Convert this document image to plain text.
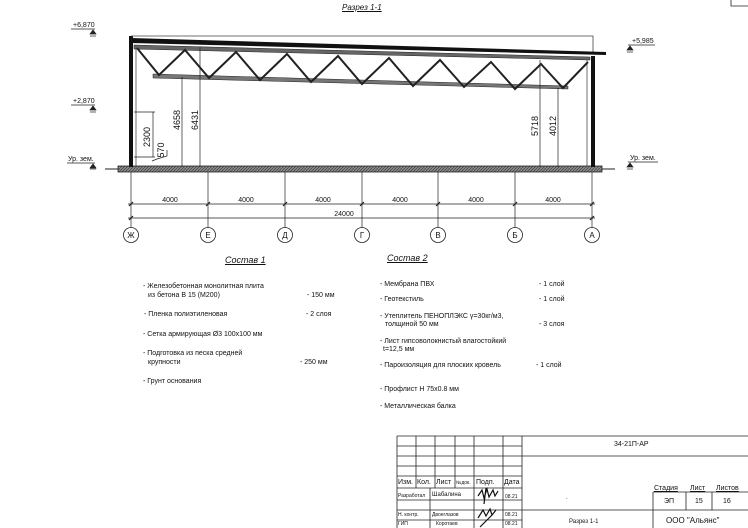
2300
570
4658 6431	5718 4012
+6,870
+2,870
Ур. зем.
+5,985
Ур. зем.
4000	4000	4000	4000	4000	4000
24000
Ж	Е	Д	Г	В	Б	А
Разрез 1-1
Состав 1
- Железобетонная монолитная плита
из бетона В 15 (М200)	- 150 мм
- Пленка полиэтиленовая	- 2 слоя
- Сетка армирующая Ø3 100х100 мм
- Подготовка из песка средней
крупности	- 250 мм
- Грунт основания
Состав 2
- Мембрана ПВХ	- 1 слой
- Геотекстиль	- 1 слой
- Утеплитель ПЕНОПЛЭКС γ=30кг/м3,
толщиной 50 мм	- 3 слоя
- Лист гипсоволокнистый влагостойкий
t=12,5 мм
- Пароизоляция для плоских кровель	- 1 слой
- Профлист Н 75х0.8 мм
- Металлическая балка
34-21П-АР
Изм. Кол. Лист №док. Подп. Дата
Разработал Шабалина	08.21
Н. контр.	Двоеглазов	08.21
ГИП	Коротаев	08.21
.
Стадия Лист Листов
ЭП	15	16
Разрез 1-1	ООО "Альянс"
